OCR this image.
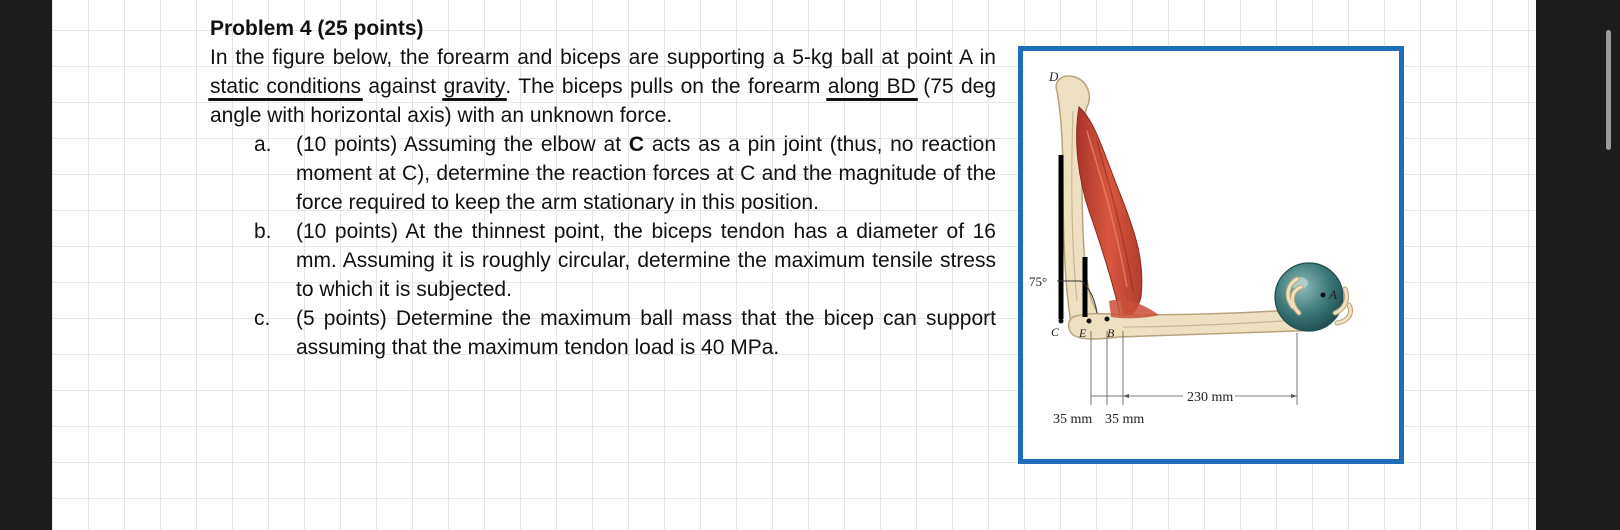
Problem 4 (25 points)

In the figure below, the forearm and biceps are supporting a 5-kg ball at point A in static conditions against gravity. The biceps pulls on the forearm along BD (75 deg angle with horizontal axis) with an unknown force.

a. (10 points) Assuming the elbow at C acts as a pin joint (thus, no reaction moment at C), determine the reaction forces at C and the magnitude of the force required to keep the arm stationary in this position.
b. (10 points) At the thinnest point, the biceps tendon has a diameter of 16 mm. Assuming it is roughly circular, determine the maximum tensile stress to which it is subjected.
c. (5 points) Determine the maximum ball mass that the bicep can support assuming that the maximum tendon load is 40 MPa.
D
A
C E B
75°
35 mm 35 mm
230 mm
